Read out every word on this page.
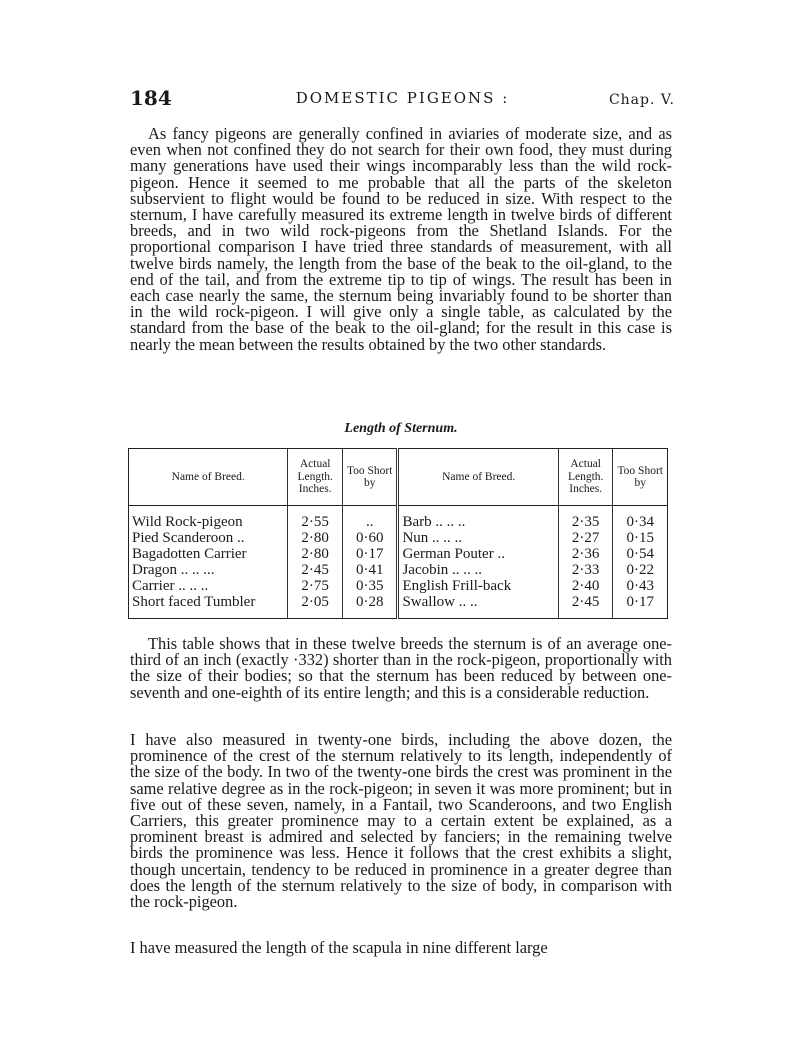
184	DOMESTIC PIGEONS :	Chap. V.

As fancy pigeons are generally confined in aviaries of moderate size, and as even when not confined they do not search for their own food, they must during many generations have used their wings incomparably less than the wild rock-pigeon. Hence it seemed to me probable that all the parts of the skeleton subservient to flight would be found to be reduced in size. With respect to the sternum, I have carefully measured its extreme length in twelve birds of different breeds, and in two wild rock-pigeons from the Shetland Islands. For the proportional comparison I have tried three standards of measurement, with all twelve birds namely, the length from the base of the beak to the oil-gland, to the end of the tail, and from the extreme tip to tip of wings. The result has been in each case nearly the same, the sternum being invariably found to be shorter than in the wild rock-pigeon. I will give only a single table, as calculated by the standard from the base of the beak to the oil-gland; for the result in this case is nearly the mean between the results obtained by the two other standards.

Length of Sternum.
Name of Breed.	Actual Length. Inches.	Too Short by	Name of Breed.	Actual Length. Inches.	Too Short by
Wild Rock-pigeon	2·55	..	Barb .. .. ..	2·35	0·34
Pied Scanderoon ..	2·80	0·60	Nun .. .. ..	2·27	0·15
Bagadotten Carrier	2·80	0·17	German Pouter ..	2·36	0·54
Dragon .. .. ...	2·45	0·41	Jacobin .. .. ..	2·33	0·22
Carrier .. .. ..	2·75	0·35	English Frill-back	2·40	0·43
Short faced Tumbler	2·05	0·28	Swallow .. ..	2·45	0·17

This table shows that in these twelve breeds the sternum is of an average one-third of an inch (exactly ·332) shorter than in the rock-pigeon, proportionally with the size of their bodies; so that the sternum has been reduced by between one-seventh and one-eighth of its entire length; and this is a considerable reduction.

I have also measured in twenty-one birds, including the above dozen, the prominence of the crest of the sternum relatively to its length, independently of the size of the body. In two of the twenty-one birds the crest was prominent in the same relative degree as in the rock-pigeon; in seven it was more prominent; but in five out of these seven, namely, in a Fantail, two Scanderoons, and two English Carriers, this greater prominence may to a certain extent be explained, as a prominent breast is admired and selected by fanciers; in the remaining twelve birds the prominence was less. Hence it follows that the crest exhibits a slight, though uncertain, tendency to be reduced in prominence in a greater degree than does the length of the sternum relatively to the size of body, in comparison with the rock-pigeon.

I have measured the length of the scapula in nine different large
